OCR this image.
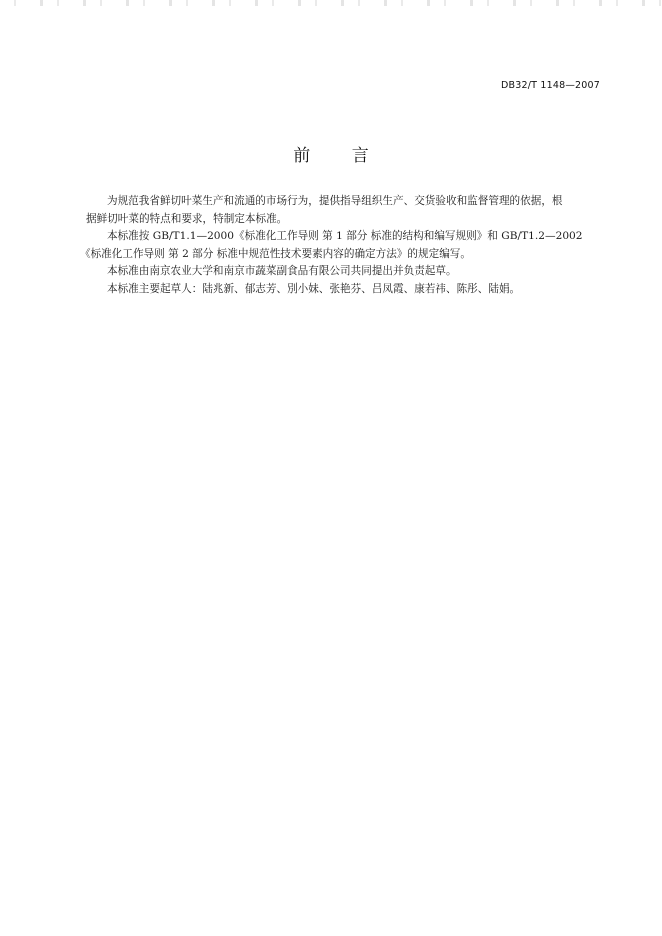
DB32/T 1148—2007
前 言

为规范我省鲜切叶菜生产和流通的市场行为，提供指导组织生产、交货验收和监督管理的依据，根
据鲜切叶菜的特点和要求，特制定本标准。

本标准按 GB/T1.1—2000《标准化工作导则 第 1 部分 标准的结构和编写规则》和 GB/T1.2—2002
《标准化工作导则 第 2 部分 标准中规范性技术要素内容的确定方法》的规定编写。

本标准由南京农业大学和南京市蔬菜副食品有限公司共同提出并负责起草。

本标准主要起草人：陆兆新、郁志芳、別小妹、张艳芬、吕凤霞、康若祎、陈彤、陆娟。
